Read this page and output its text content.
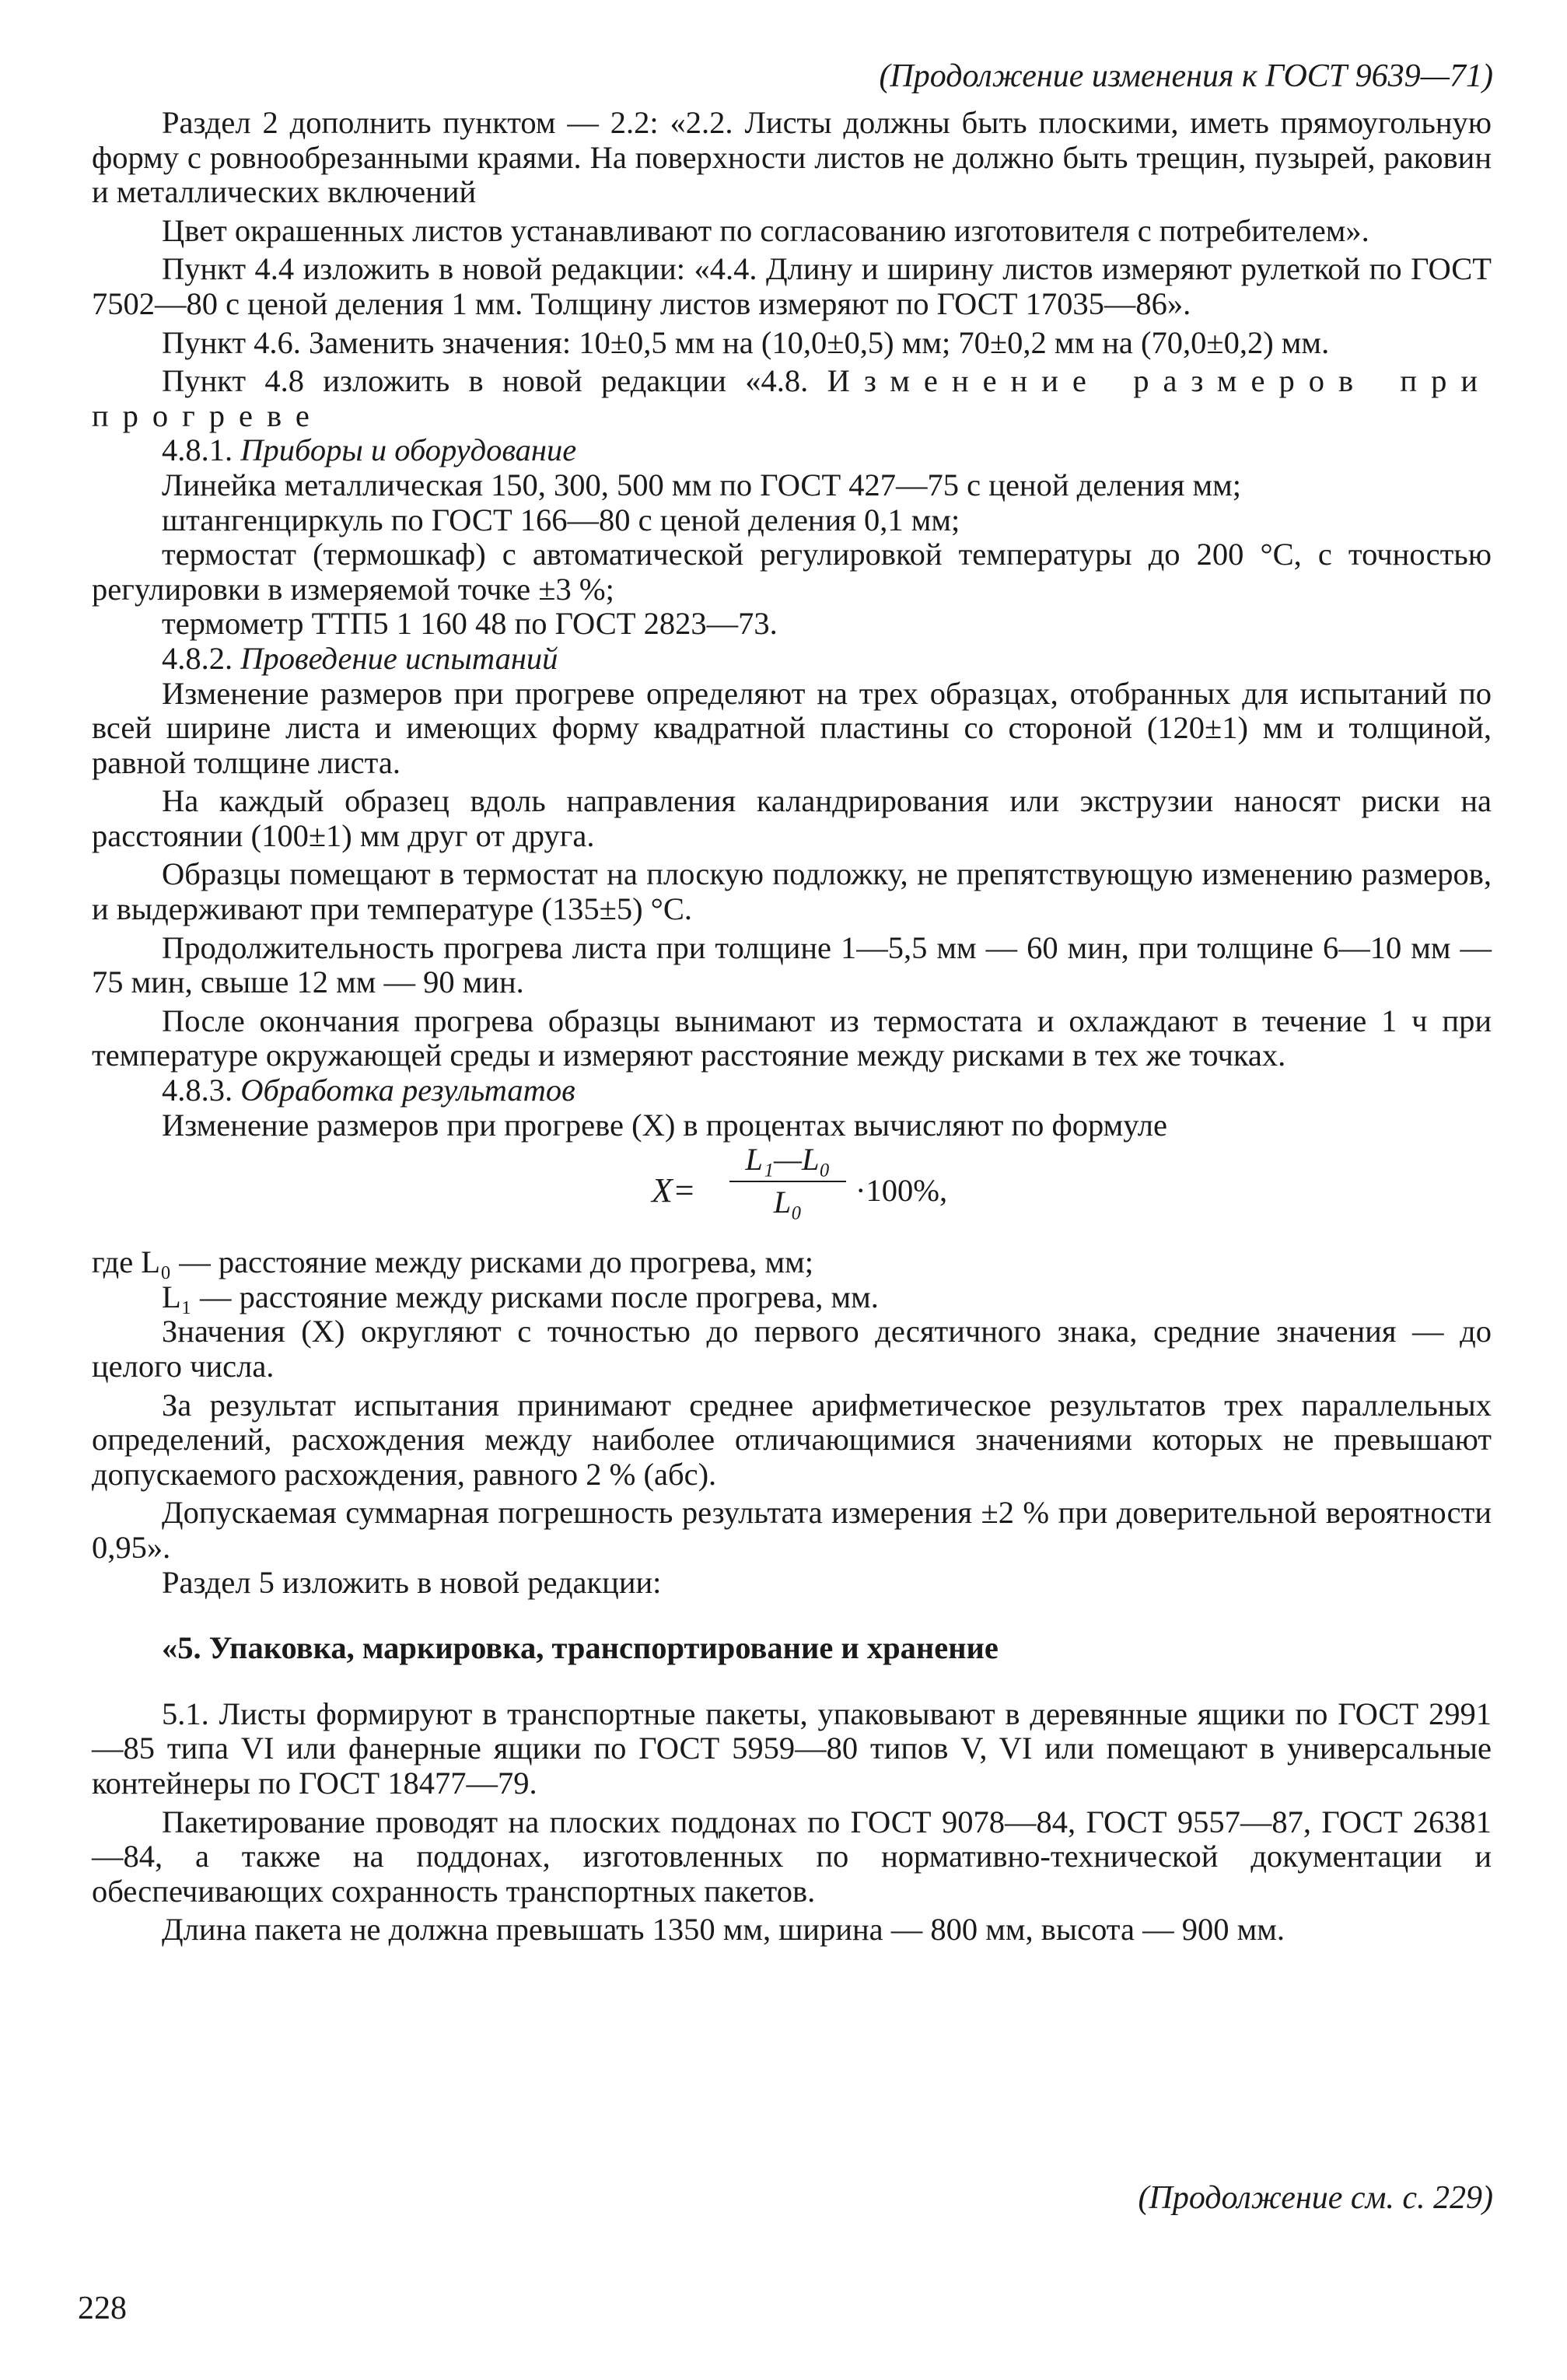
(Продолжение изменения к ГОСТ 9639—71)

Раздел 2 дополнить пунктом — 2.2: «2.2. Листы должны быть плоскими, иметь прямоугольную форму с ровнообрезанными краями. На поверхности листов не должно быть трещин, пузырей, раковин и металлических включений

Цвет окрашенных листов устанавливают по согласованию изготовителя с потребителем».

Пункт 4.4 изложить в новой редакции: «4.4. Длину и ширину листов измеряют рулеткой по ГОСТ 7502—80 с ценой деления 1 мм. Толщину листов измеряют по ГОСТ 17035—86».

Пункт 4.6. Заменить значения: 10±0,5 мм на (10,0±0,5) мм; 70±0,2 мм на (70,0±0,2) мм.

Пункт 4.8 изложить в новой редакции «4.8. Изменение размеров при прогреве

4.8.1. Приборы и оборудование

Линейка металлическая 150, 300, 500 мм по ГОСТ 427—75 с ценой деления мм;

штангенциркуль по ГОСТ 166—80 с ценой деления 0,1 мм;

термостат (термошкаф) с автоматической регулировкой температуры до 200 °С, с точностью регулировки в измеряемой точке ±3 %;

термометр ТТП5 1 160 48 по ГОСТ 2823—73.

4.8.2. Проведение испытаний

Изменение размеров при прогреве определяют на трех образцах, отобранных для испытаний по всей ширине листа и имеющих форму квадратной пластины со стороной (120±1) мм и толщиной, равной толщине листа.

На каждый образец вдоль направления каландрирования или экструзии наносят риски на расстоянии (100±1) мм друг от друга.

Образцы помещают в термостат на плоскую подложку, не препятствующую изменению размеров, и выдерживают при температуре (135±5) °С.

Продолжительность прогрева листа при толщине 1—5,5 мм — 60 мин, при толщине 6—10 мм — 75 мин, свыше 12 мм — 90 мин.

После окончания прогрева образцы вынимают из термостата и охлаждают в течение 1 ч при температуре окружающей среды и измеряют расстояние между рисками в тех же точках.

4.8.3. Обработка результатов

Изменение размеров при прогреве (X) в процентах вычисляют по формуле

$X= \frac{\text{L₁—L₀}}{\text{L₀}} \cdot 100\%$,

где L₀ — расстояние между рисками до прогрева, мм;

L₁ — расстояние между рисками после прогрева, мм.

Значения (X) округляют с точностью до первого десятичного знака, средние значения — до целого числа.

За результат испытания принимают среднее арифметическое результатов трех параллельных определений, расхождения между наиболее отличающимися значениями которых не превышают допускаемого расхождения, равного 2 % (абс).

Допускаемая суммарная погрешность результата измерения ±2 % при доверительной вероятности 0,95».

Раздел 5 изложить в новой редакции:

«5. Упаковка, маркировка, транспортирование и хранение

5.1. Листы формируют в транспортные пакеты, упаковывают в деревянные ящики по ГОСТ 2991—85 типа VI или фанерные ящики по ГОСТ 5959—80 типов V, VI или помещают в универсальные контейнеры по ГОСТ 18477—79.

Пакетирование проводят на плоских поддонах по ГОСТ 9078—84, ГОСТ 9557—87, ГОСТ 26381—84, а также на поддонах, изготовленных по нормативно-технической документации и обеспечивающих сохранность транспортных пакетов.

Длина пакета не должна превышать 1350 мм, ширина — 800 мм, высота — 900 мм.

(Продолжение см. с. 229)
228
